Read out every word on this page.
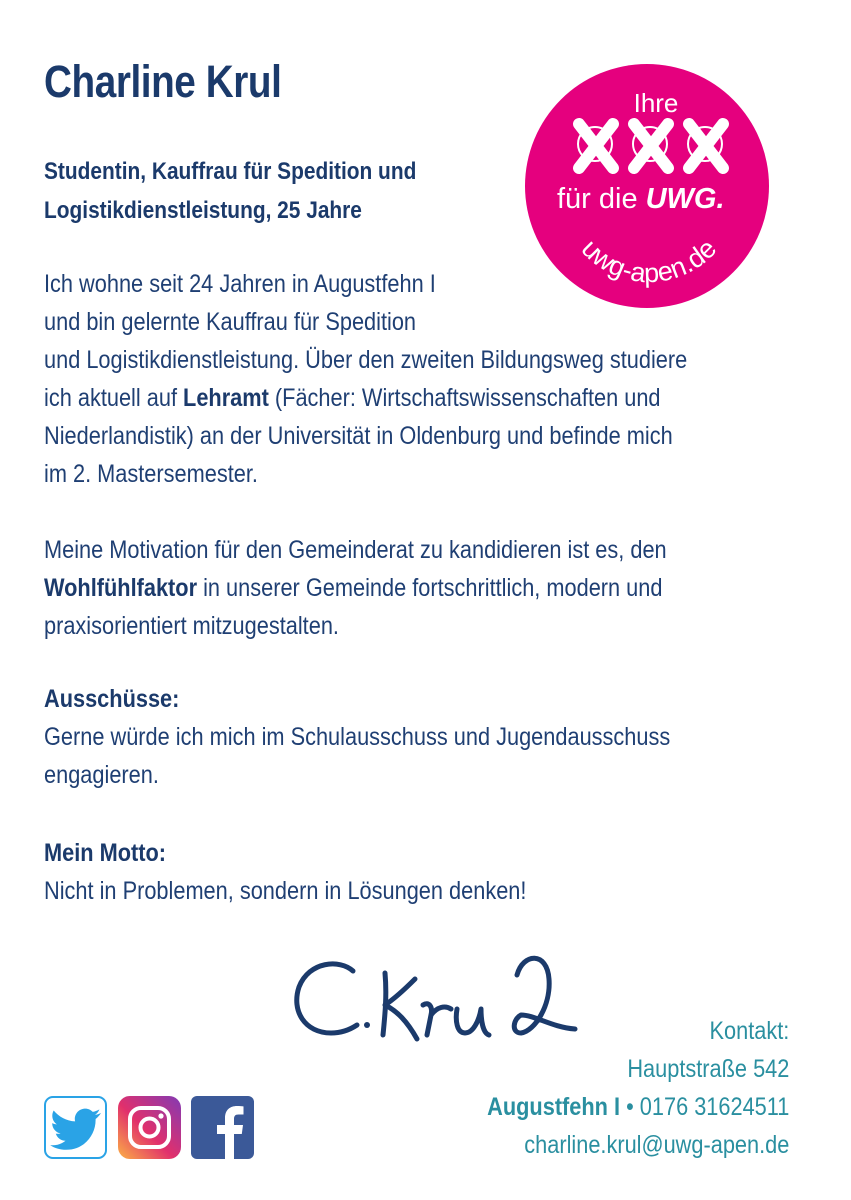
Charline Krul
Studentin, Kauffrau für Spedition und
Logistikdienstleistung, 25 Jahre
Ich wohne seit 24 Jahren in Augustfehn I
und bin gelernte Kauffrau für Spedition
und Logistikdienstleistung. Über den zweiten Bildungsweg studiere
ich aktuell auf Lehramt (Fächer: Wirtschaftswissenschaften und
Niederlandistik) an der Universität in Oldenburg und befinde mich
im 2. Mastersemester.
Meine Motivation für den Gemeinderat zu kandidieren ist es, den
Wohlfühlfaktor in unserer Gemeinde fortschrittlich, modern und
praxisorientiert mitzugestalten.
Ausschüsse:
Gerne würde ich mich im Schulausschuss und Jugendausschuss
engagieren.
Mein Motto:
Nicht in Problemen, sondern in Lösungen denken!
Ihre
für die UWG.
uwg-apen.de
Kontakt:
Hauptstraße 542
Augustfehn I • 0176 31624511
charline.krul@uwg-apen.de
